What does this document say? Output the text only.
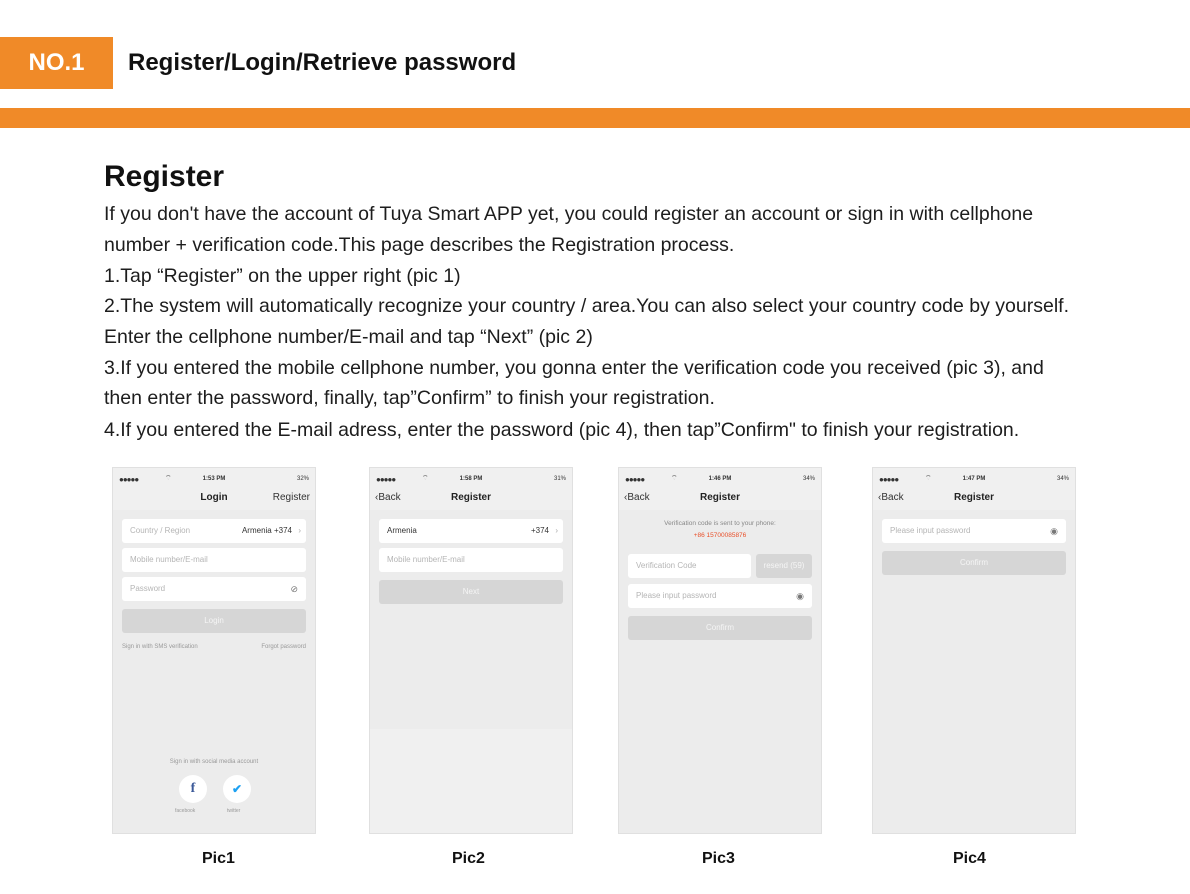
NO.1	Register/Login/Retrieve password
Register
If you don't have the account of Tuya Smart APP yet, you could register an account or sign in with cellphone
number + verification code.This page describes the Registration process.
1.Tap “Register” on the upper right (pic 1)
2.The system will automatically recognize your country / area.You can also select your country code by yourself.
Enter the cellphone number/E-mail and tap “Next” (pic 2)
3.If you entered the mobile cellphone number, you gonna enter the verification code you received (pic 3), and
then enter the password, finally, tap”Confirm” to finish your registration.
4.If you entered the E-mail adress, enter the password (pic 4), then tap”Confirm" to finish your registration.
●●●●●	⌔	1:53 PM	32%
Login	Register
Country / Region	Armenia +374 ›
Mobile number/E-mail
Password	⊘
Login
Sign in with SMS verification	Forgot password
Sign in with social media account
f	✔
facebook	twitter
Pic1
●●●●●	⌔	1:58 PM	31%
‹Back	Register
Armenia	+374 ›
Mobile number/E-mail
Next
Pic2
●●●●●	⌔	1:46 PM	34%
‹Back	Register
Verification code is sent to your phone:
+86 15700085876
Verification Code	resend (59)
Please input password	◉
Confirm
Pic3
●●●●●	⌔	1:47 PM	34%
‹Back	Register
Please input password	◉
Confirm
Pic4
